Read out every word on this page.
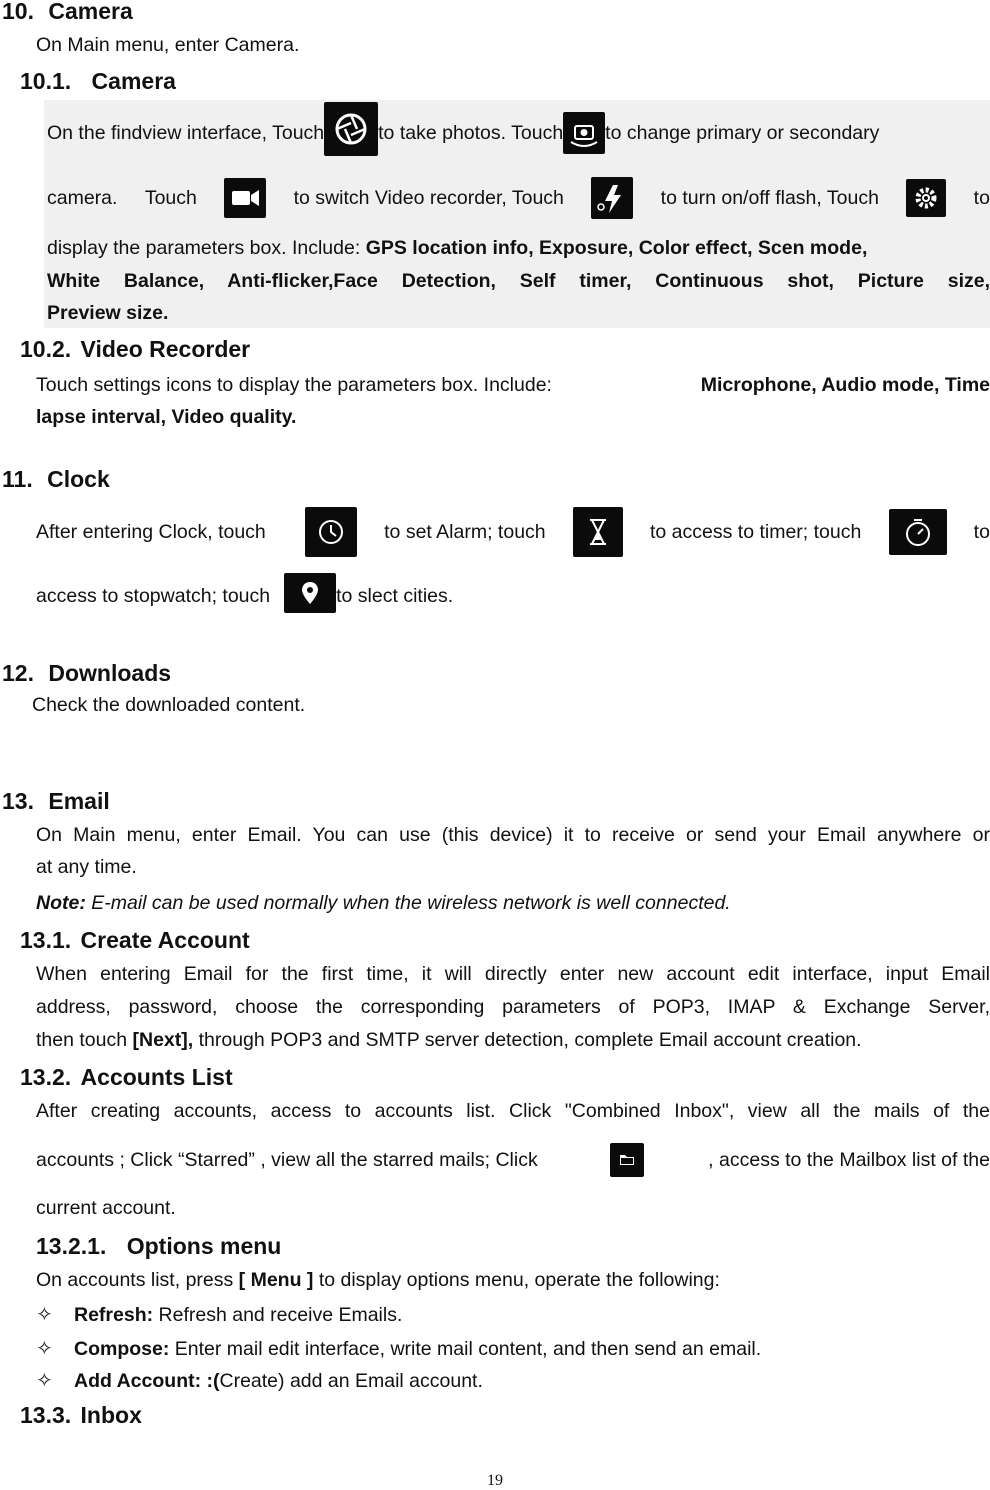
10. Camera
On Main menu, enter Camera.
10.1. Camera
On the findview interface, Touch	to take photos. Touch to change primary or secondary
camera. Touch	to switch Video recorder, Touch	to turn on/off flash, Touch	to
display the parameters box. Include: GPS location info, Exposure, Color effect, Scen mode,
White Balance, Anti-flicker,Face Detection, Self timer, Continuous shot, Picture size,
Preview size.
10.2. Video Recorder
Touch settings icons to display the parameters box. Include:	Microphone, Audio mode, Time
lapse interval, Video quality.
11. Clock
After entering Clock, touch	to set Alarm; touch	to access to timer; touch	to
access to stopwatch; touch	to slect cities.
12. Downloads
Check the downloaded content.
13. Email
On Main menu, enter Email. You can use (this device) it to receive or send your Email anywhere or
at any time.
Note: E-mail can be used normally when the wireless network is well connected.
13.1. Create Account
When entering Email for the first time, it will directly enter new account edit interface, input Email
address, password, choose the corresponding parameters of POP3, IMAP & Exchange Server,
then touch [Next], through POP3 and SMTP server detection, complete Email account creation.
13.2. Accounts List
After creating accounts, access to accounts list. Click "Combined Inbox", view all the mails of the
accounts ; Click “Starred” , view all the starred mails; Click	, access to the Mailbox list of the
current account.
13.2.1. Options menu
On accounts list, press [ Menu ] to display options menu, operate the following:
✧ Refresh: Refresh and receive Emails.
✧ Compose: Enter mail edit interface, write mail content, and then send an email.
✧ Add Account: :(Create) add an Email account.
13.3. Inbox
19
